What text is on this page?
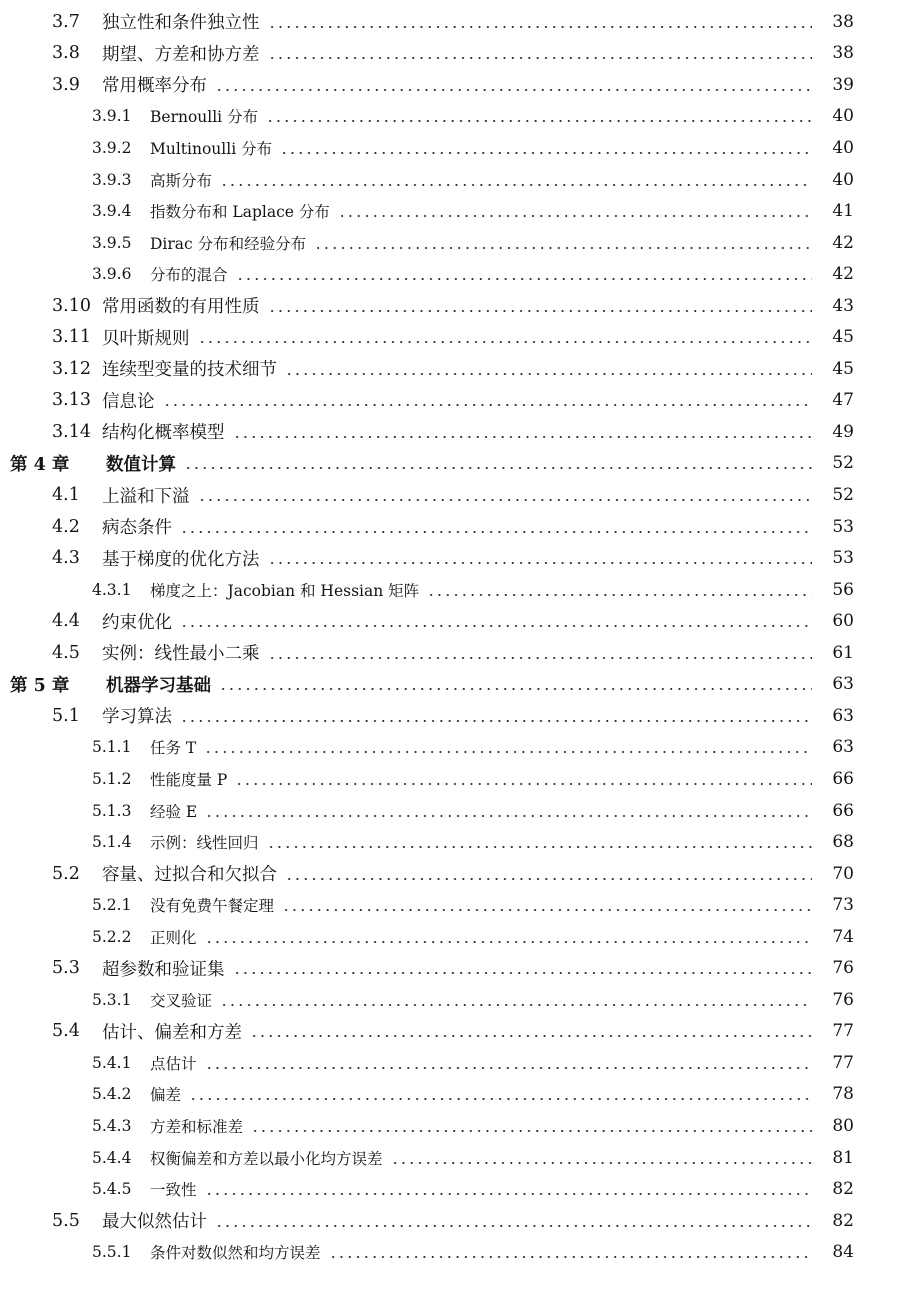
3.7	独立性和条件独立性	38
3.8	期望、方差和协方差	38
3.9	常用概率分布	39
3.9.1	Bernoulli 分布	40
3.9.2	Multinoulli 分布	40
3.9.3	高斯分布	40
3.9.4	指数分布和 Laplace 分布	41
3.9.5	Dirac 分布和经验分布	42
3.9.6	分布的混合	42
3.10 常用函数的有用性质	43
3.11 贝叶斯规则	45
3.12 连续型变量的技术细节	45
3.13 信息论	47
3.14 结构化概率模型	49
第 4 章	数值计算	52
4.1	上溢和下溢	52
4.2	病态条件	53
4.3	基于梯度的优化方法	53
4.3.1	梯度之上：Jacobian 和 Hessian 矩阵	56
4.4	约束优化	60
4.5	实例：线性最小二乘	61
第 5 章	机器学习基础	63
5.1	学习算法	63
5.1.1	任务 T	63
5.1.2	性能度量 P	66
5.1.3	经验 E	66
5.1.4	示例：线性回归	68
5.2	容量、过拟合和欠拟合	70
5.2.1	没有免费午餐定理	73
5.2.2	正则化	74
5.3	超参数和验证集	76
5.3.1	交叉验证	76
5.4	估计、偏差和方差	77
5.4.1	点估计	77
5.4.2	偏差	78
5.4.3	方差和标准差	80
5.4.4	权衡偏差和方差以最小化均方误差	81
5.4.5	一致性	82
5.5	最大似然估计	82
5.5.1	条件对数似然和均方误差	84
